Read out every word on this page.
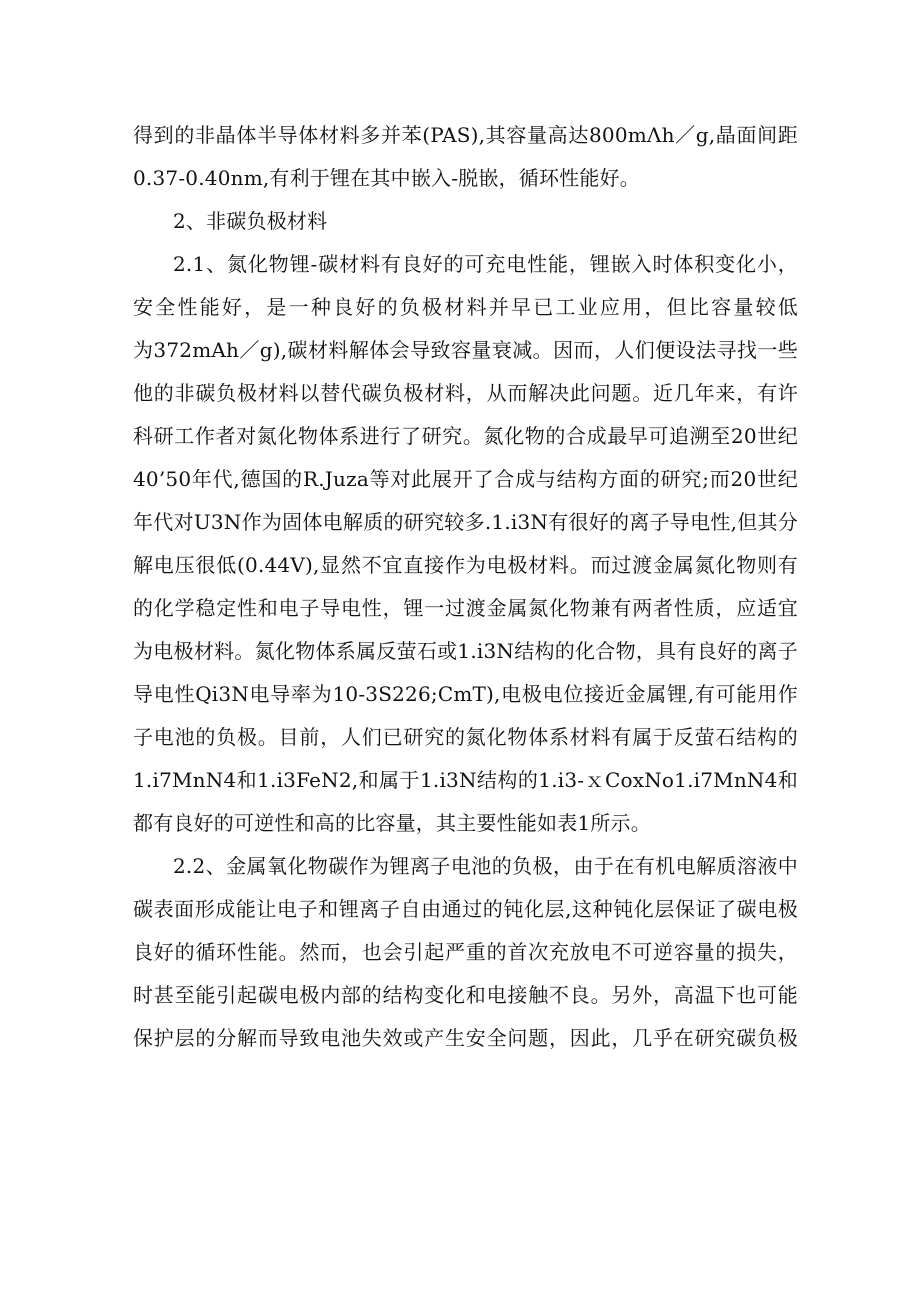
得到的非晶体半导体材料多并苯(PAS),其容量高达800mΛh／g,晶面间距
0.37-0.40nm,有利于锂在其中嵌入-脱嵌，循环性能好。
2、非碳负极材料
2.1、氮化物锂-碳材料有良好的可充电性能，锂嵌入时体积变化小，
安全性能好，是一种良好的负极材料并早已工业应用，但比容量较低
为372mAh／g),碳材料解体会导致容量衰减。因而，人们便设法寻找一些
他的非碳负极材料以替代碳负极材料，从而解决此问题。近几年来，有许
科研工作者对氮化物体系进行了研究。氮化物的合成最早可追溯至20世纪
40’50年代,德国的R.Juza等对此展开了合成与结构方面的研究;而20世纪
年代对U3N作为固体电解质的研究较多.1.i3N有很好的离子导电性,但其分
解电压很低(0.44V),显然不宜直接作为电极材料。而过渡金属氮化物则有
的化学稳定性和电子导电性，锂一过渡金属氮化物兼有两者性质，应适宜
为电极材料。氮化物体系属反萤石或1.i3N结构的化合物，具有良好的离子
导电性Qi3N电导率为10-3S226;CmT),电极电位接近金属锂,有可能用作
子电池的负极。目前，人们已研究的氮化物体系材料有属于反萤石结构的
1.i7MnN4和1.i3FeN2,和属于1.i3N结构的1.i3-ｘCoxNo1.i7MnN4和
都有良好的可逆性和高的比容量，其主要性能如表1所示。
2.2、金属氧化物碳作为锂离子电池的负极，由于在有机电解质溶液中
碳表面形成能让电子和锂离子自由通过的钝化层,这种钝化层保证了碳电极
良好的循环性能。然而，也会引起严重的首次充放电不可逆容量的损失，
时甚至能引起碳电极内部的结构变化和电接触不良。另外，高温下也可能
保护层的分解而导致电池失效或产生安全问题，因此，几乎在研究碳负极
